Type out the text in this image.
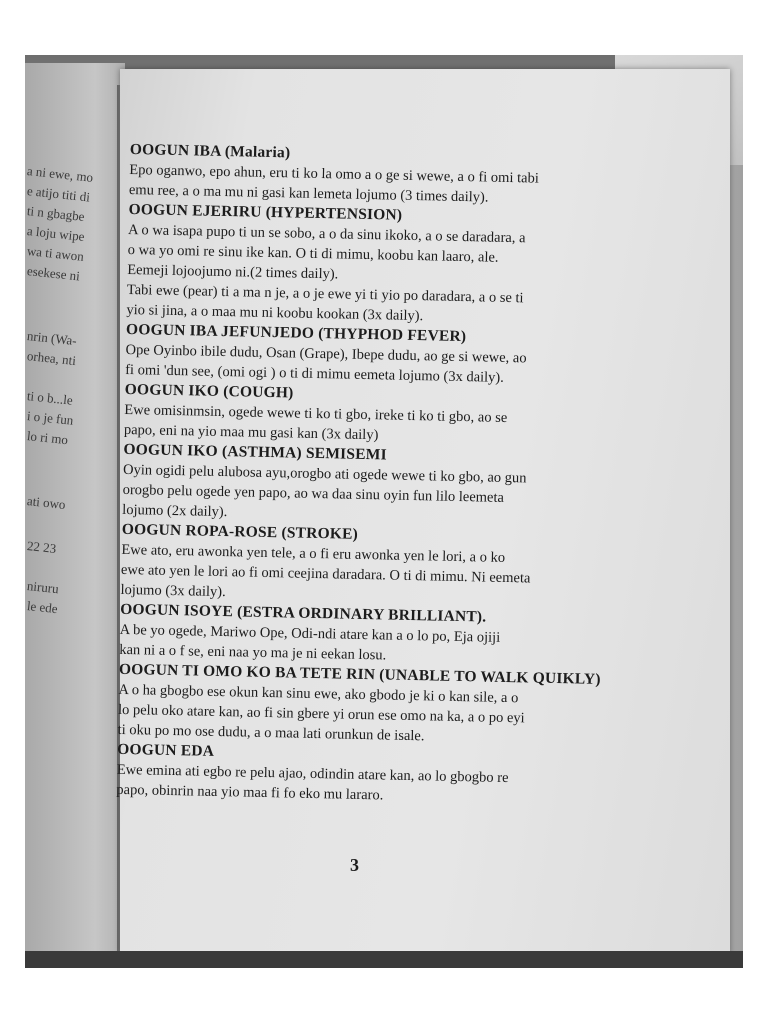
a ni ewe, mo
e atijo titi di
ti n gbagbe
a loju wipe
wa ti awon
esekese ni
nrin (Wa-
orhea, nti
ti o b...le
i o je fun
lo ri mo
ati owo
22 23
niruru
le ede

OOGUN IBA (Malaria)

Epo oganwo, epo ahun, eru ti ko la omo a o ge si wewe, a o fi omi tabi
emu ree, a o ma mu ni gasi kan lemeta lojumo (3 times daily).

OOGUN EJERIRU (HYPERTENSION)

A o wa isapa pupo ti un se sobo, a o da sinu ikoko, a o se daradara, a
o wa yo omi re sinu ike kan. O ti di mimu, koobu kan laaro, ale.
Eemeji lojoojumo ni.(2 times daily).
Tabi ewe (pear) ti a ma n je, a o je ewe yi ti yio po daradara, a o se ti
yio si jina, a o maa mu ni koobu kookan (3x daily).

OOGUN IBA JEFUNJEDO (THYPHOD FEVER)

Ope Oyinbo ibile dudu, Osan (Grape), Ibepe dudu, ao ge si wewe, ao
fi omi 'dun see, (omi ogi ) o ti di mimu eemeta lojumo (3x daily).

OOGUN IKO (COUGH)

Ewe omisinmsin, ogede wewe ti ko ti gbo, ireke ti ko ti gbo, ao se
papo, eni na yio maa mu gasi kan (3x daily)

OOGUN IKO (ASTHMA) SEMISEMI

Oyin ogidi pelu alubosa ayu,orogbo ati ogede wewe ti ko gbo, ao gun
orogbo pelu ogede yen papo, ao wa daa sinu oyin fun lilo leemeta
lojumo (2x daily).

OOGUN ROPA-ROSE (STROKE)

Ewe ato, eru awonka yen tele, a o fi eru awonka yen le lori, a o ko
ewe ato yen le lori ao fi omi ceejina daradara. O ti di mimu. Ni eemeta
lojumo (3x daily).

OOGUN ISOYE (ESTRA ORDINARY BRILLIANT).

A be yo ogede, Mariwo Ope, Odi-ndi atare kan a o lo po, Eja ojiji
kan ni a o f se, eni naa yo ma je ni eekan losu.

OOGUN TI OMO KO BA TETE RIN (UNABLE TO WALK QUIKLY)

A o ha gbogbo ese okun kan sinu ewe, ako gbodo je ki o kan sile, a o
lo pelu oko atare kan, ao fi sin gbere yi orun ese omo na ka, a o po eyi
ti oku po mo ose dudu, a o maa lati orunkun de isale.

OOGUN EDA

Ewe emina ati egbo re pelu ajao, odindin atare kan, ao lo gbogbo re
papo, obinrin naa yio maa fi fo eko mu lararo.
3
